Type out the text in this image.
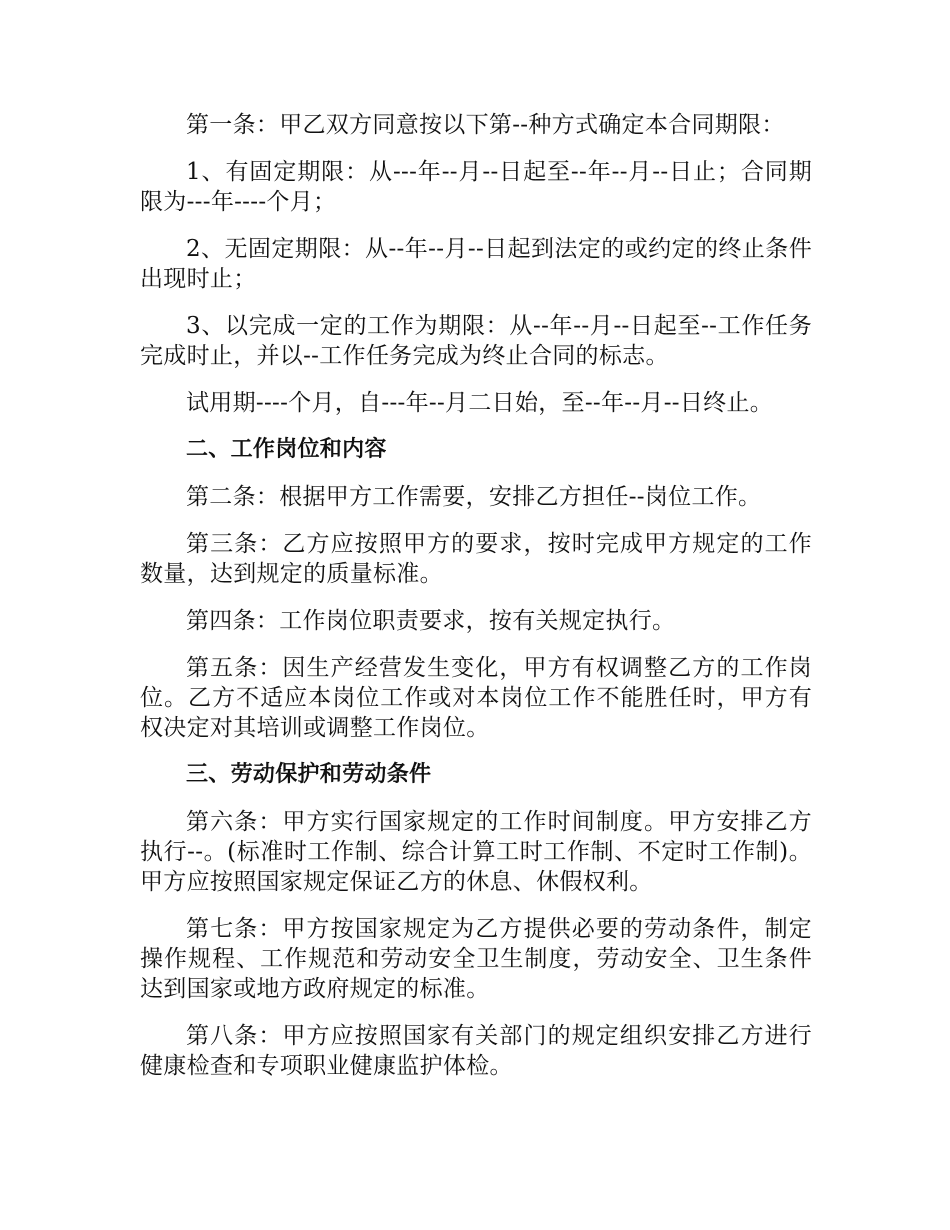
第一条：甲乙双方同意按以下第--种方式确定本合同期限：

1、有固定期限：从---年--月--日起至--年--月--日止；合同期限为---年----个月；

2、无固定期限：从--年--月--日起到法定的或约定的终止条件出现时止；

3、以完成一定的工作为期限：从--年--月--日起至--工作任务完成时止，并以--工作任务完成为终止合同的标志。

试用期----个月，自---年--月二日始，至--年--月--日终止。

二、工作岗位和内容

第二条：根据甲方工作需要，安排乙方担任--岗位工作。

第三条：乙方应按照甲方的要求，按时完成甲方规定的工作数量，达到规定的质量标准。

第四条：工作岗位职责要求，按有关规定执行。

第五条：因生产经营发生变化，甲方有权调整乙方的工作岗位。乙方不适应本岗位工作或对本岗位工作不能胜任时，甲方有权决定对其培训或调整工作岗位。

三、劳动保护和劳动条件

第六条：甲方实行国家规定的工作时间制度。甲方安排乙方执行--。(标准时工作制、综合计算工时工作制、不定时工作制)。甲方应按照国家规定保证乙方的休息、休假权利。

第七条：甲方按国家规定为乙方提供必要的劳动条件，制定操作规程、工作规范和劳动安全卫生制度，劳动安全、卫生条件达到国家或地方政府规定的标准。

第八条：甲方应按照国家有关部门的规定组织安排乙方进行健康检查和专项职业健康监护体检。
